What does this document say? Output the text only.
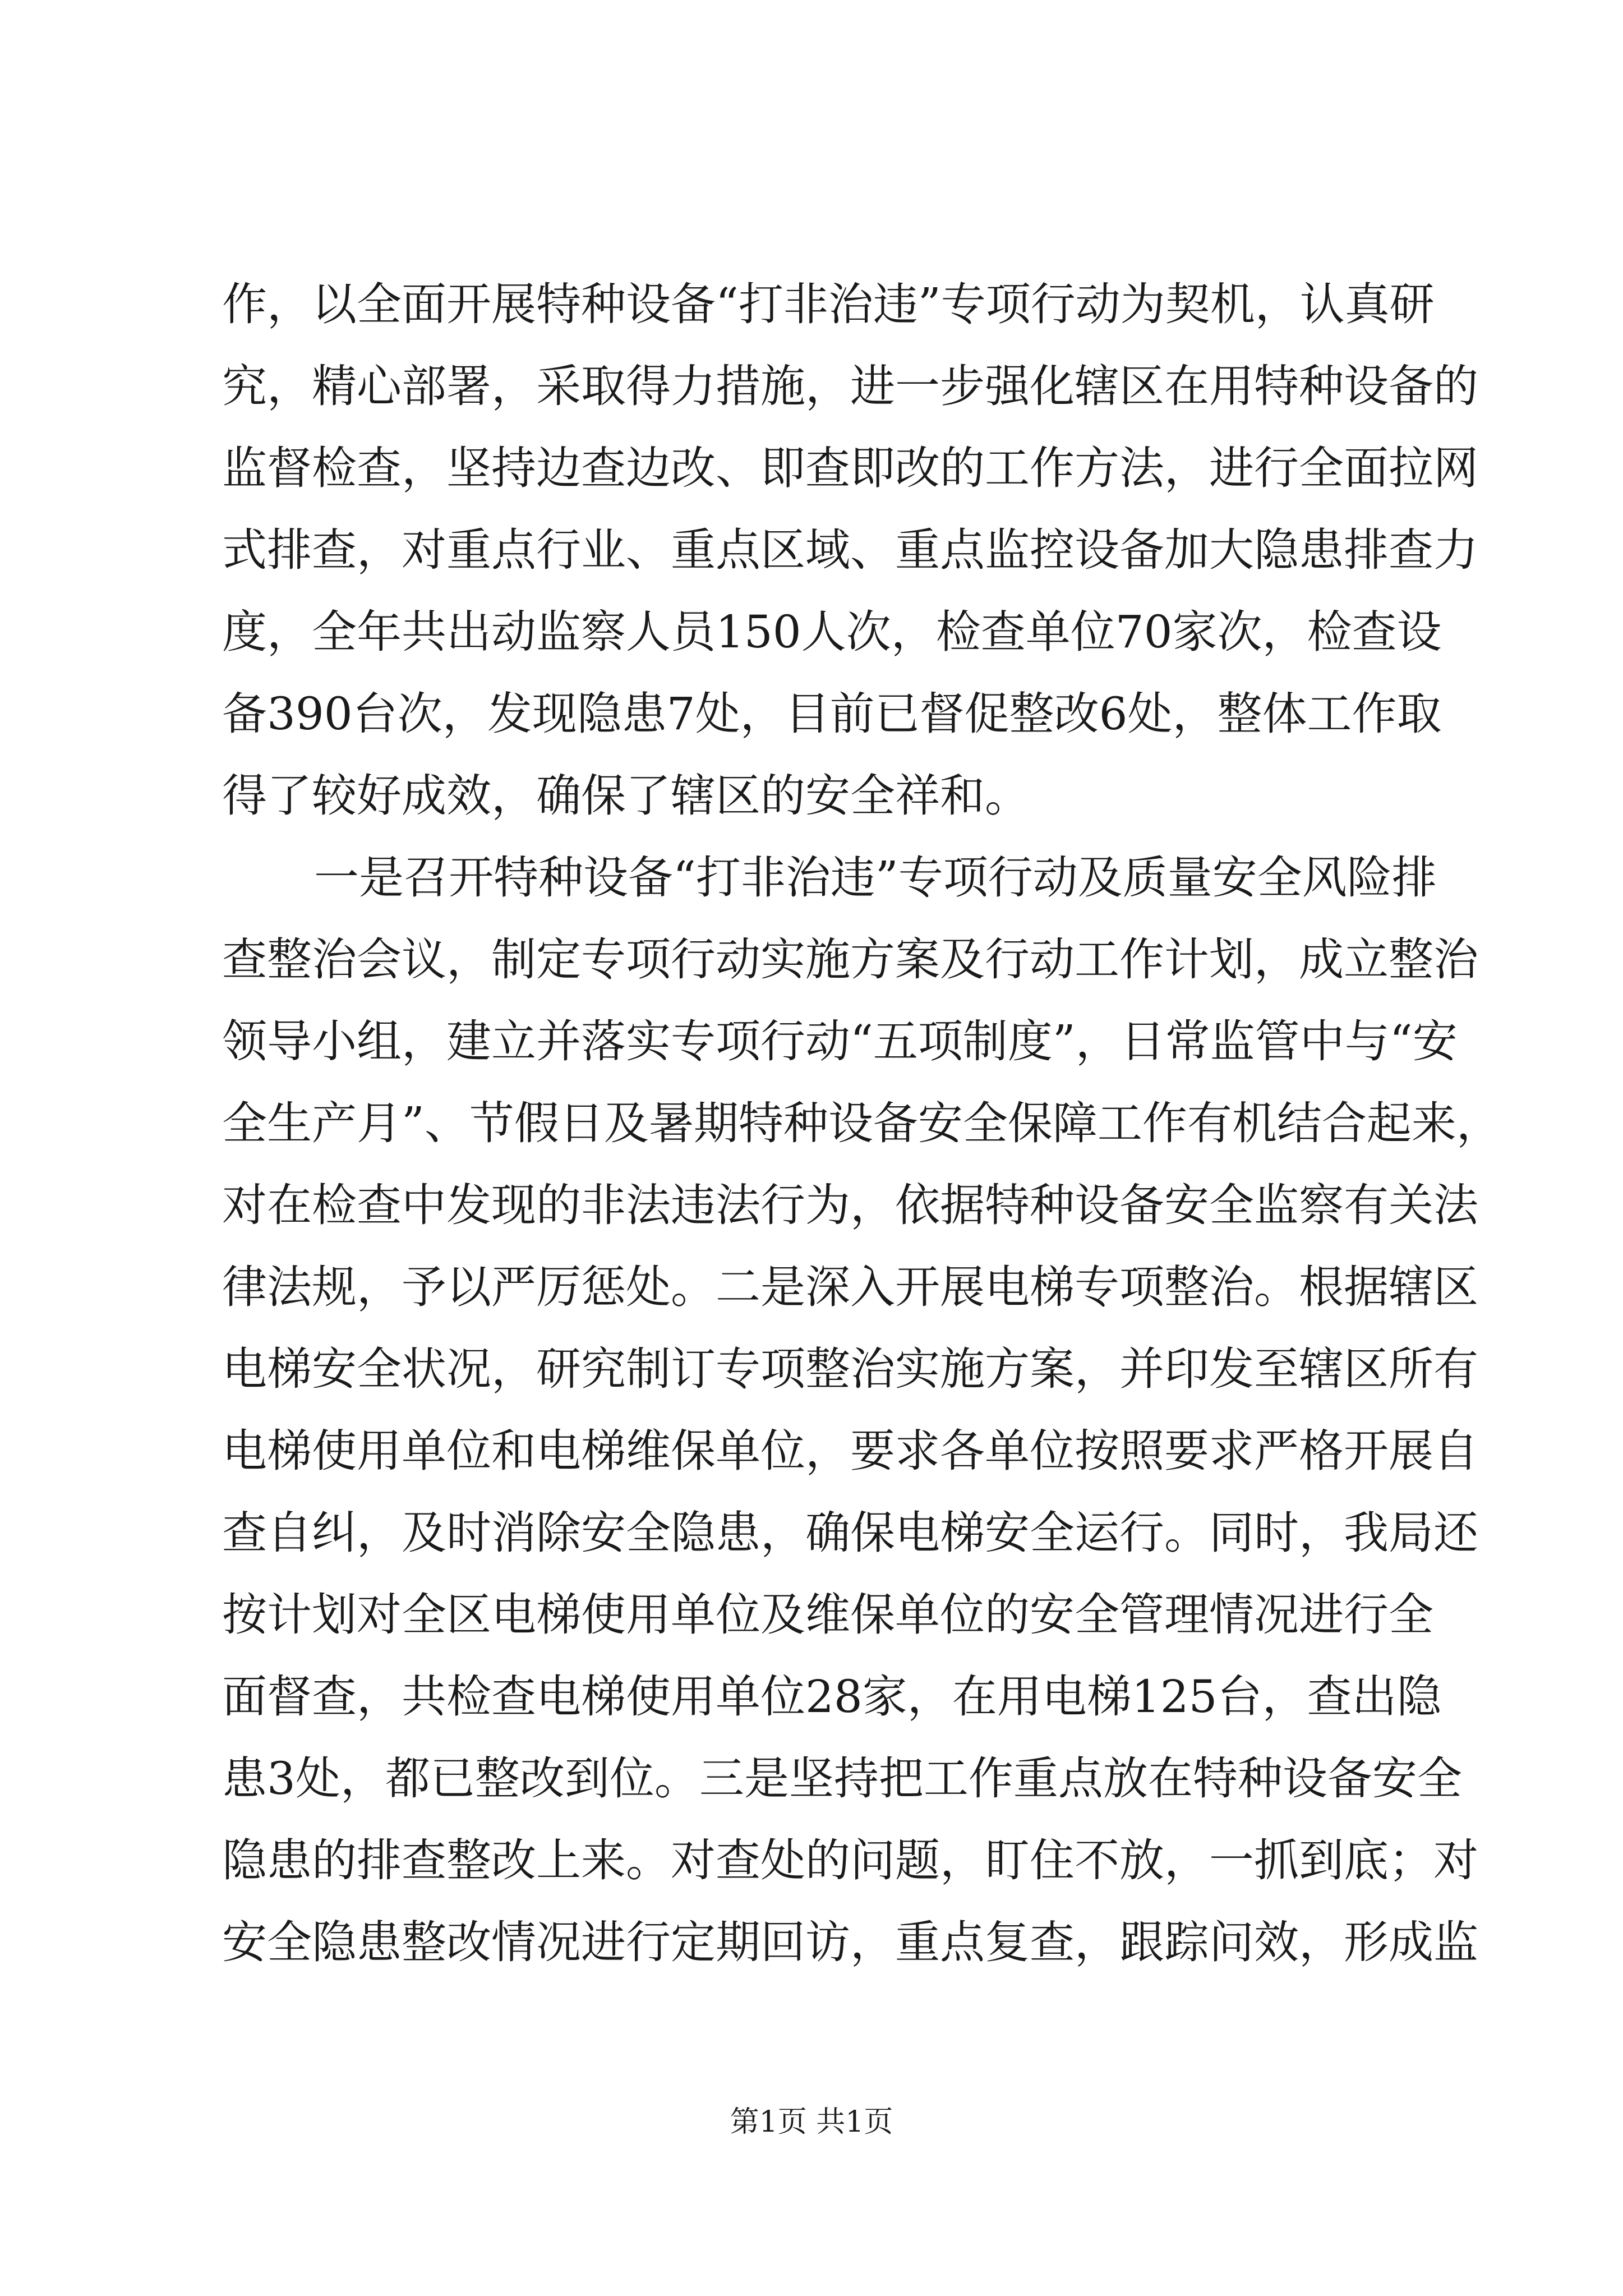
作，以全面开展特种设备“打非治违”专项行动为契机，认真研
究，精心部署，采取得力措施，进一步强化辖区在用特种设备的
监督检查，坚持边查边改、即查即改的工作方法，进行全面拉网
式排查，对重点行业、重点区域、重点监控设备加大隐患排查力
度，全年共出动监察人员150人次，检查单位70家次，检查设
备390台次，发现隐患7处，目前已督促整改6处，整体工作取
得了较好成效，确保了辖区的安全祥和。
一是召开特种设备“打非治违”专项行动及质量安全风险排
查整治会议，制定专项行动实施方案及行动工作计划，成立整治
领导小组，建立并落实专项行动“五项制度”，日常监管中与“安
全生产月”、节假日及暑期特种设备安全保障工作有机结合起来，
对在检查中发现的非法违法行为，依据特种设备安全监察有关法
律法规，予以严厉惩处。二是深入开展电梯专项整治。根据辖区
电梯安全状况，研究制订专项整治实施方案，并印发至辖区所有
电梯使用单位和电梯维保单位，要求各单位按照要求严格开展自
查自纠，及时消除安全隐患，确保电梯安全运行。同时，我局还
按计划对全区电梯使用单位及维保单位的安全管理情况进行全
面督查，共检查电梯使用单位28家，在用电梯125台，查出隐
患3处，都已整改到位。三是坚持把工作重点放在特种设备安全
隐患的排查整改上来。对查处的问题，盯住不放，一抓到底；对
安全隐患整改情况进行定期回访，重点复查，跟踪问效，形成监
第1页 共1页
